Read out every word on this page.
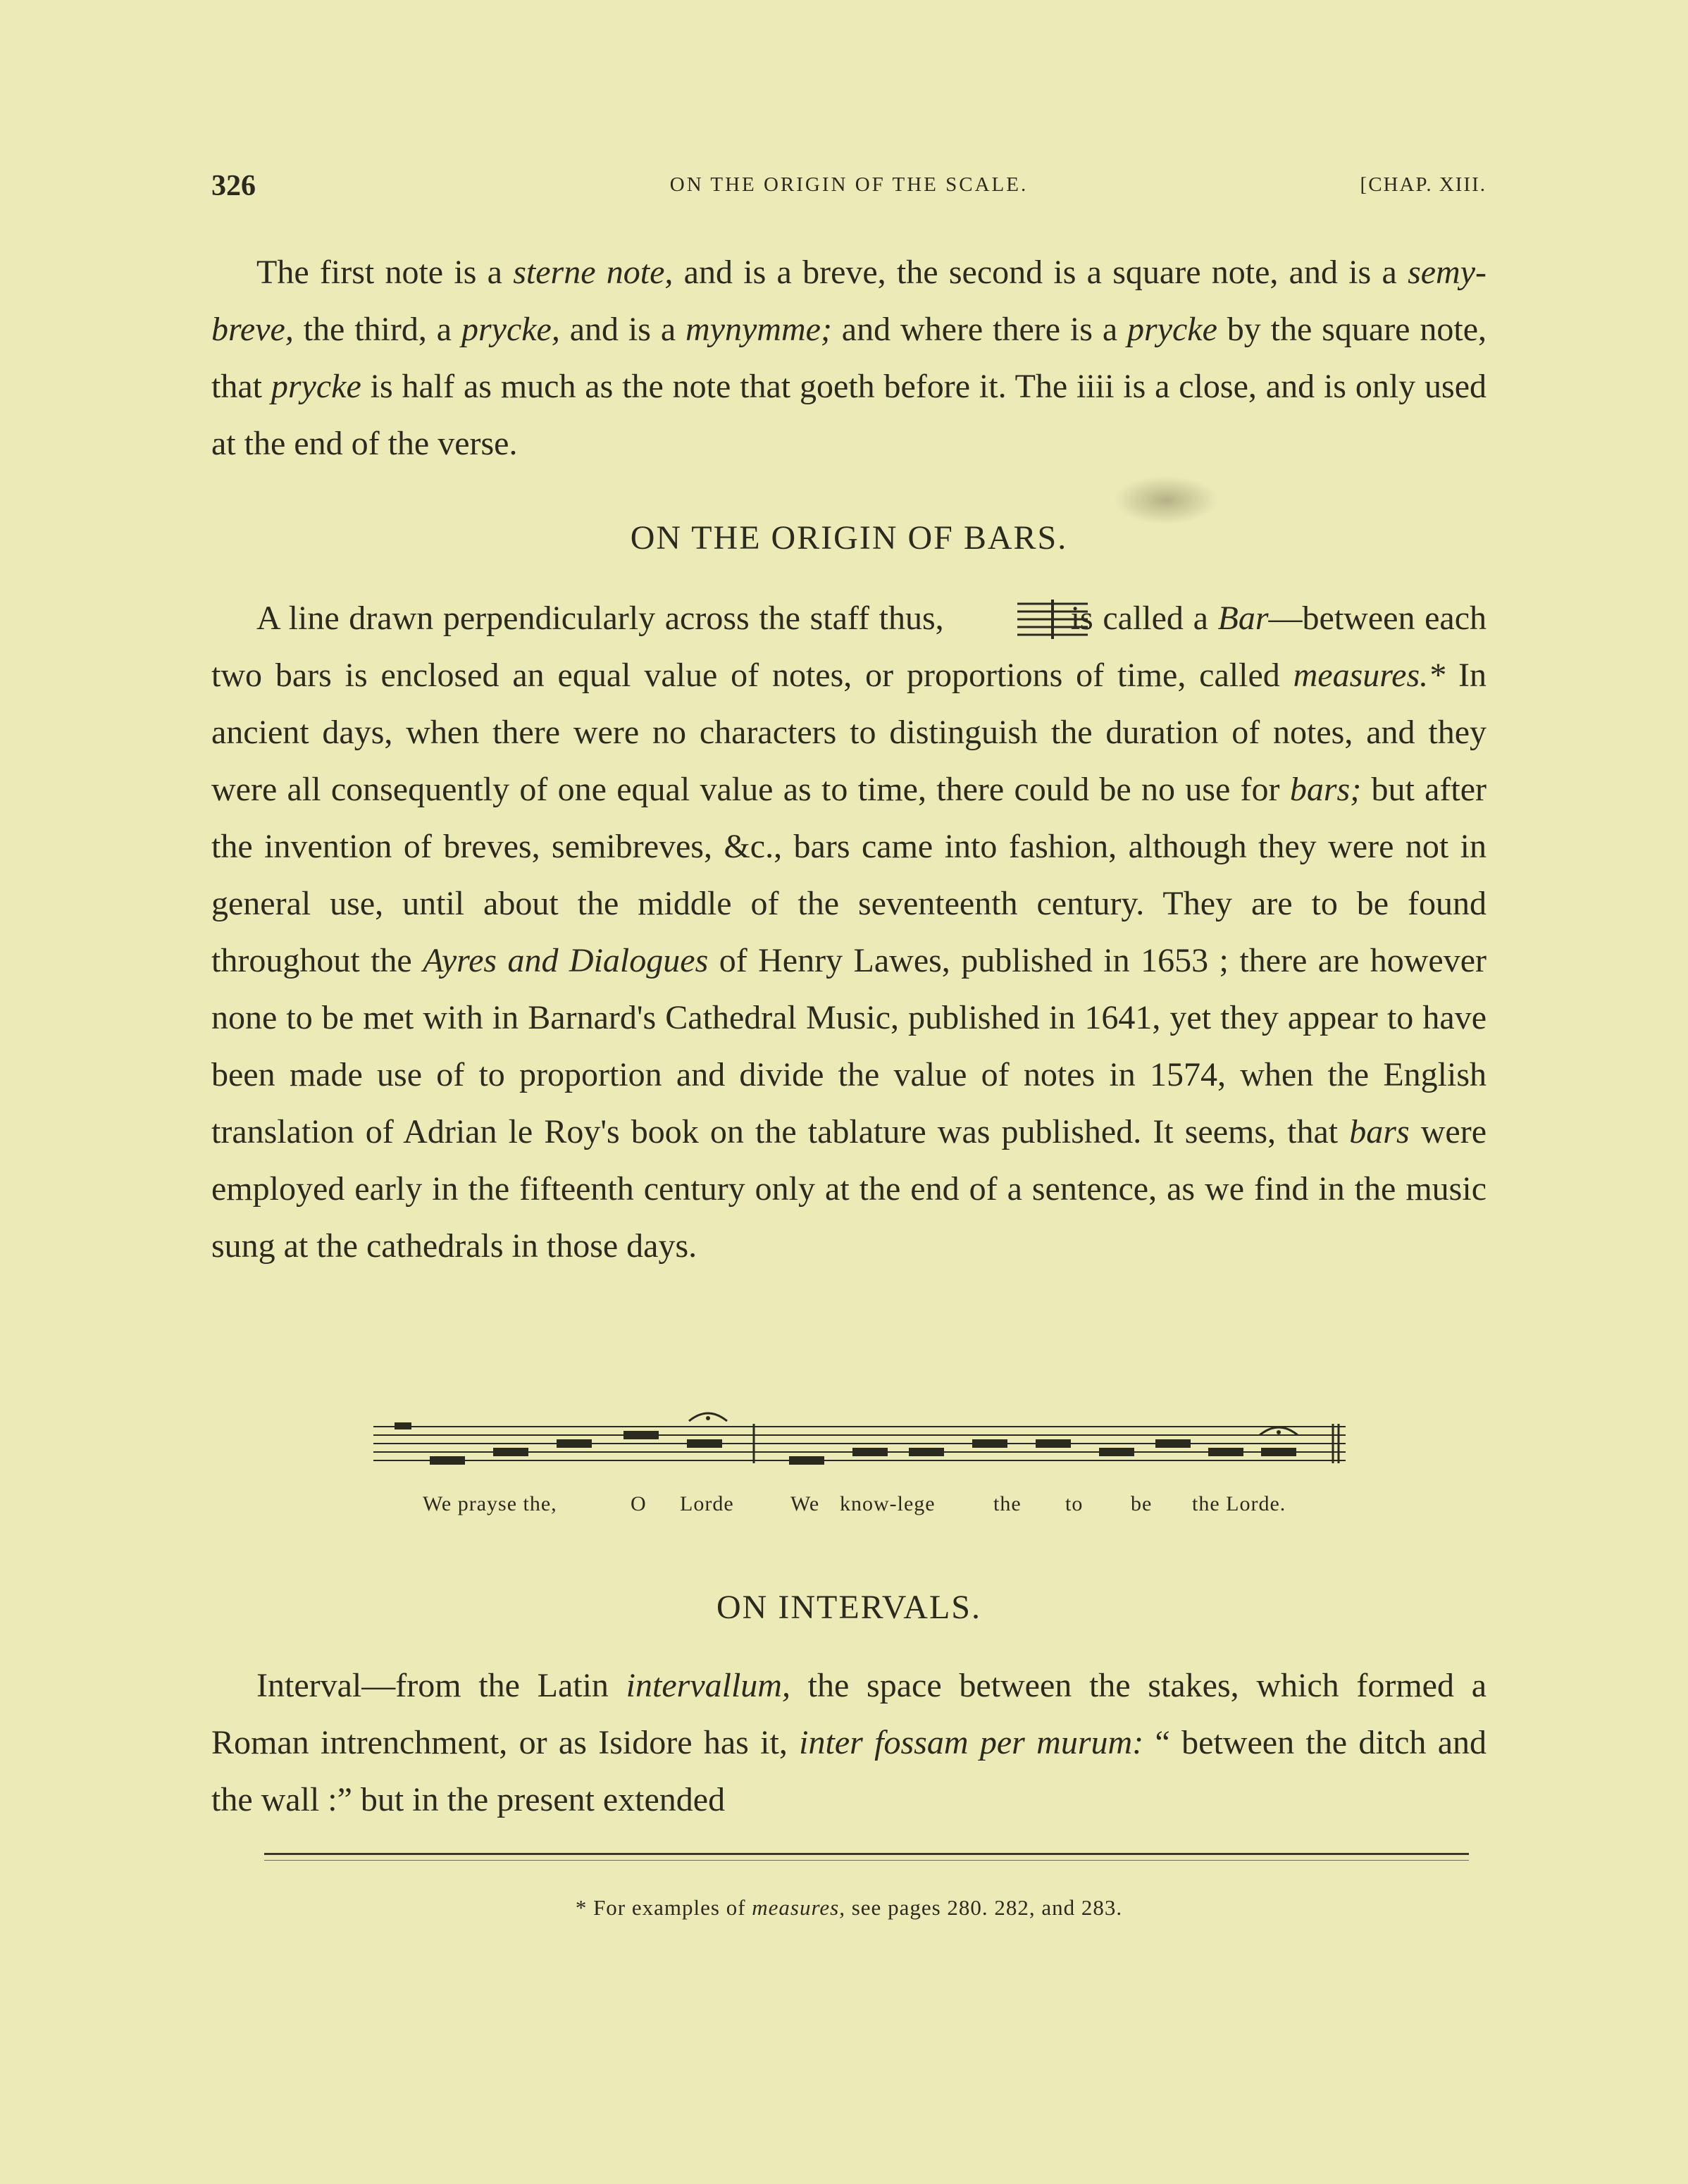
326	ON THE ORIGIN OF THE SCALE.	[CHAP. XIII.
The first note is a sterne note, and is a breve, the second is a square note, and is a semy-breve, the third, a prycke, and is a mynymme; and where there is a prycke by the square note, that prycke is half as much as the note that goeth before it. The iiii is a close, and is only used at the end of the verse.
ON THE ORIGIN OF BARS.
A line drawn perpendicularly across the staff thus,	is called a Bar—between each two bars is enclosed an equal value of notes, or proportions of time, called measures.* In ancient days, when there were no characters to distinguish the duration of notes, and they were all consequently of one equal value as to time, there could be no use for bars; but after the invention of breves, semibreves, &c., bars came into fashion, although they were not in general use, until about the middle of the seventeenth century. They are to be found throughout the Ayres and Dialogues of Henry Lawes, published in 1653 ; there are however none to be met with in Barnard's Cathedral Music, published in 1641, yet they appear to have been made use of to proportion and divide the value of notes in 1574, when the English translation of Adrian le Roy's book on the tablature was published. It seems, that bars were employed early in the fifteenth century only at the end of a sentence, as we find in the music sung at the cathedrals in those days.
We prayse the,	O Lorde	We know-lege	the to be the Lorde.
ON INTERVALS.
Interval—from the Latin intervallum, the space between the stakes, which formed a Roman intrenchment, or as Isidore has it, inter fossam per murum: “ between the ditch and the wall :” but in the present extended
* For examples of measures, see pages 280. 282, and 283.
